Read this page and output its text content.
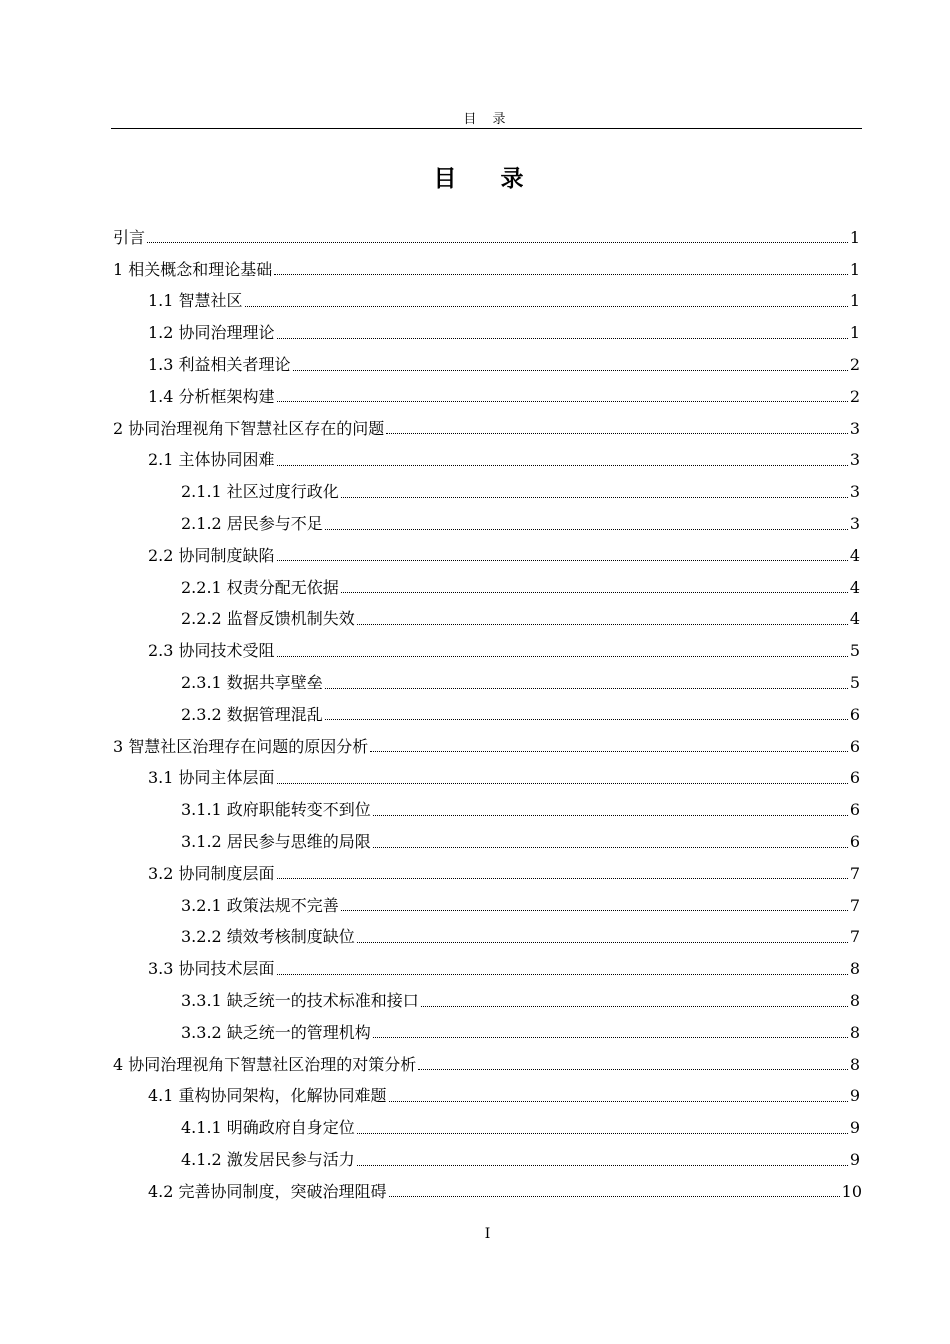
目 录
目 录
引言	1
1 相关概念和理论基础	1
1.1 智慧社区	1
1.2 协同治理理论	1
1.3 利益相关者理论	2
1.4 分析框架构建	2
2 协同治理视角下智慧社区存在的问题	3
2.1 主体协同困难	3
2.1.1 社区过度行政化	3
2.1.2 居民参与不足	3
2.2 协同制度缺陷	4
2.2.1 权责分配无依据	4
2.2.2 监督反馈机制失效	4
2.3 协同技术受阻	5
2.3.1 数据共享壁垒	5
2.3.2 数据管理混乱	6
3 智慧社区治理存在问题的原因分析	6
3.1 协同主体层面	6
3.1.1 政府职能转变不到位	6
3.1.2 居民参与思维的局限	6
3.2 协同制度层面	7
3.2.1 政策法规不完善	7
3.2.2 绩效考核制度缺位	7
3.3 协同技术层面	8
3.3.1 缺乏统一的技术标准和接口	8
3.3.2 缺乏统一的管理机构	8
4 协同治理视角下智慧社区治理的对策分析	8
4.1 重构协同架构，化解协同难题	9
4.1.1 明确政府自身定位	9
4.1.2 激发居民参与活力	9
4.2 完善协同制度，突破治理阻碍	10
I
